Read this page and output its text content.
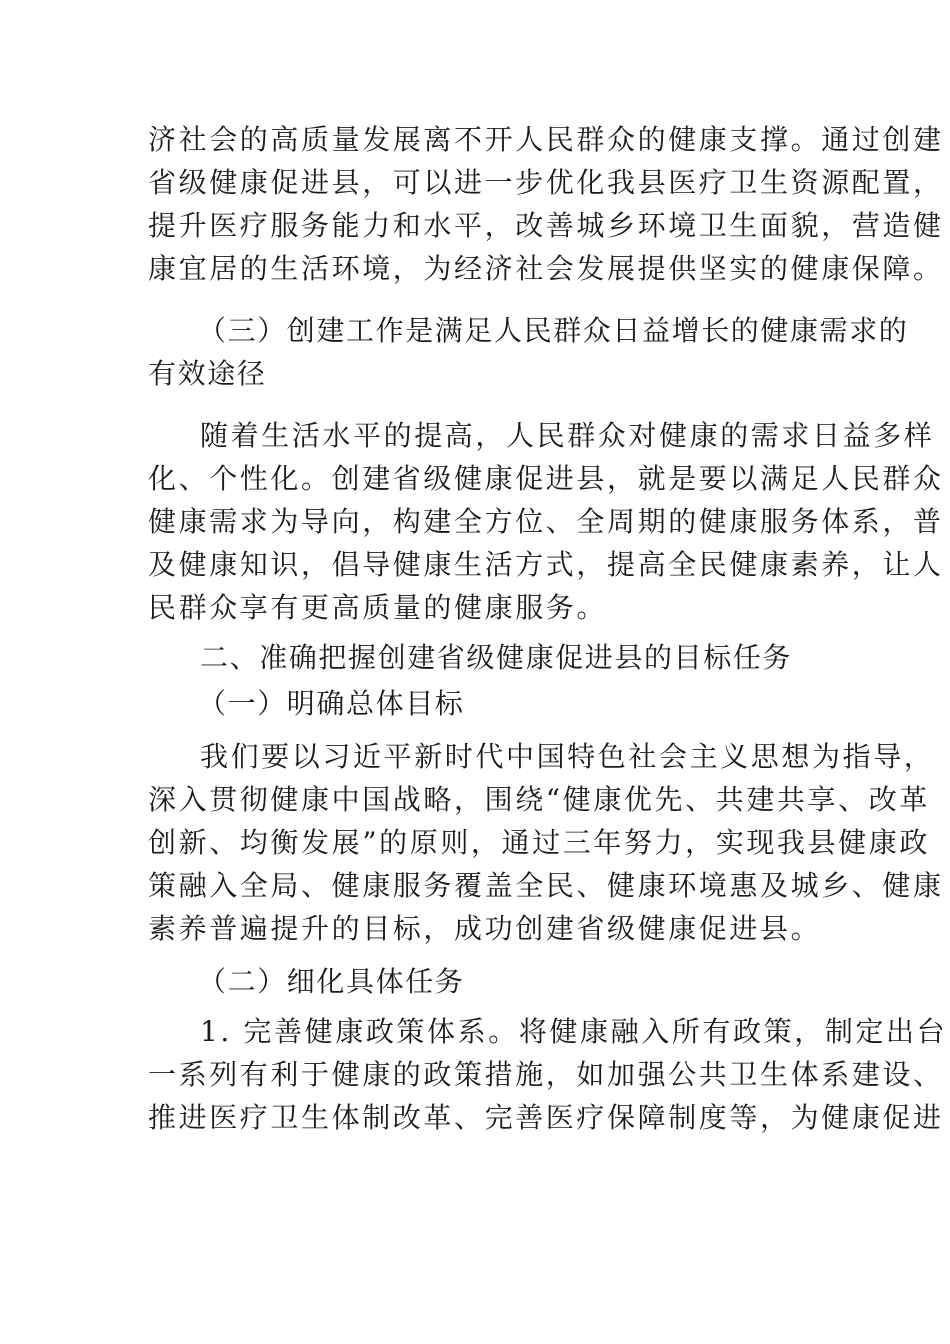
济社会的高质量发展离不开人民群众的健康支撑。通过创建
省级健康促进县，可以进一步优化我县医疗卫生资源配置，
提升医疗服务能力和水平，改善城乡环境卫生面貌，营造健
康宜居的生活环境，为经济社会发展提供坚实的健康保障。
（三）创建工作是满足人民群众日益增长的健康需求的
有效途径
随着生活水平的提高，人民群众对健康的需求日益多样
化、个性化。创建省级健康促进县，就是要以满足人民群众
健康需求为导向，构建全方位、全周期的健康服务体系，普
及健康知识，倡导健康生活方式，提高全民健康素养，让人
民群众享有更高质量的健康服务。
二、准确把握创建省级健康促进县的目标任务
（一）明确总体目标
我们要以习近平新时代中国特色社会主义思想为指导，
深入贯彻健康中国战略，围绕“健康优先、共建共享、改革
创新、均衡发展”的原则，通过三年努力，实现我县健康政
策融入全局、健康服务覆盖全民、健康环境惠及城乡、健康
素养普遍提升的目标，成功创建省级健康促进县。
（二）细化具体任务
1. 完善健康政策体系。将健康融入所有政策，制定出台
一系列有利于健康的政策措施，如加强公共卫生体系建设、
推进医疗卫生体制改革、完善医疗保障制度等，为健康促进
